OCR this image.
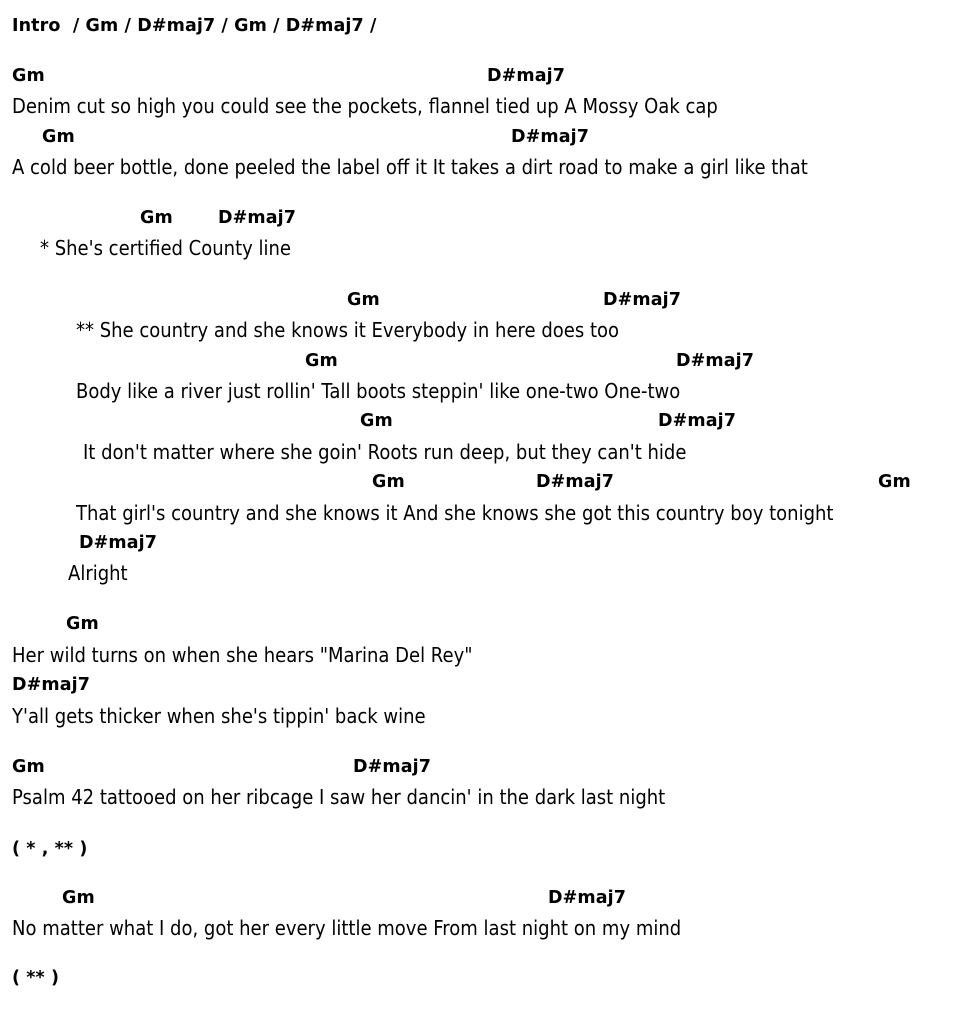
Intro  / Gm / D#maj7 / Gm / D#maj7 /
Gm	D#maj7
Denim cut so high you could see the pockets, flannel tied up A Mossy Oak cap
Gm	D#maj7
A cold beer bottle, done peeled the label off it It takes a dirt road to make a girl like that
Gm	D#maj7
* She's certified County line
Gm	D#maj7
** She country and she knows it Everybody in here does too
Gm	D#maj7
Body like a river just rollin' Tall boots steppin' like one-two One-two
Gm	D#maj7
It don't matter where she goin' Roots run deep, but they can't hide
Gm	D#maj7	Gm
That girl's country and she knows it And she knows she got this country boy tonight
D#maj7
Alright
Gm
Her wild turns on when she hears "Marina Del Rey"
D#maj7
Y'all gets thicker when she's tippin' back wine
Gm	D#maj7
Psalm 42 tattooed on her ribcage I saw her dancin' in the dark last night
( * , ** )
Gm	D#maj7
No matter what I do, got her every little move From last night on my mind
( ** )
